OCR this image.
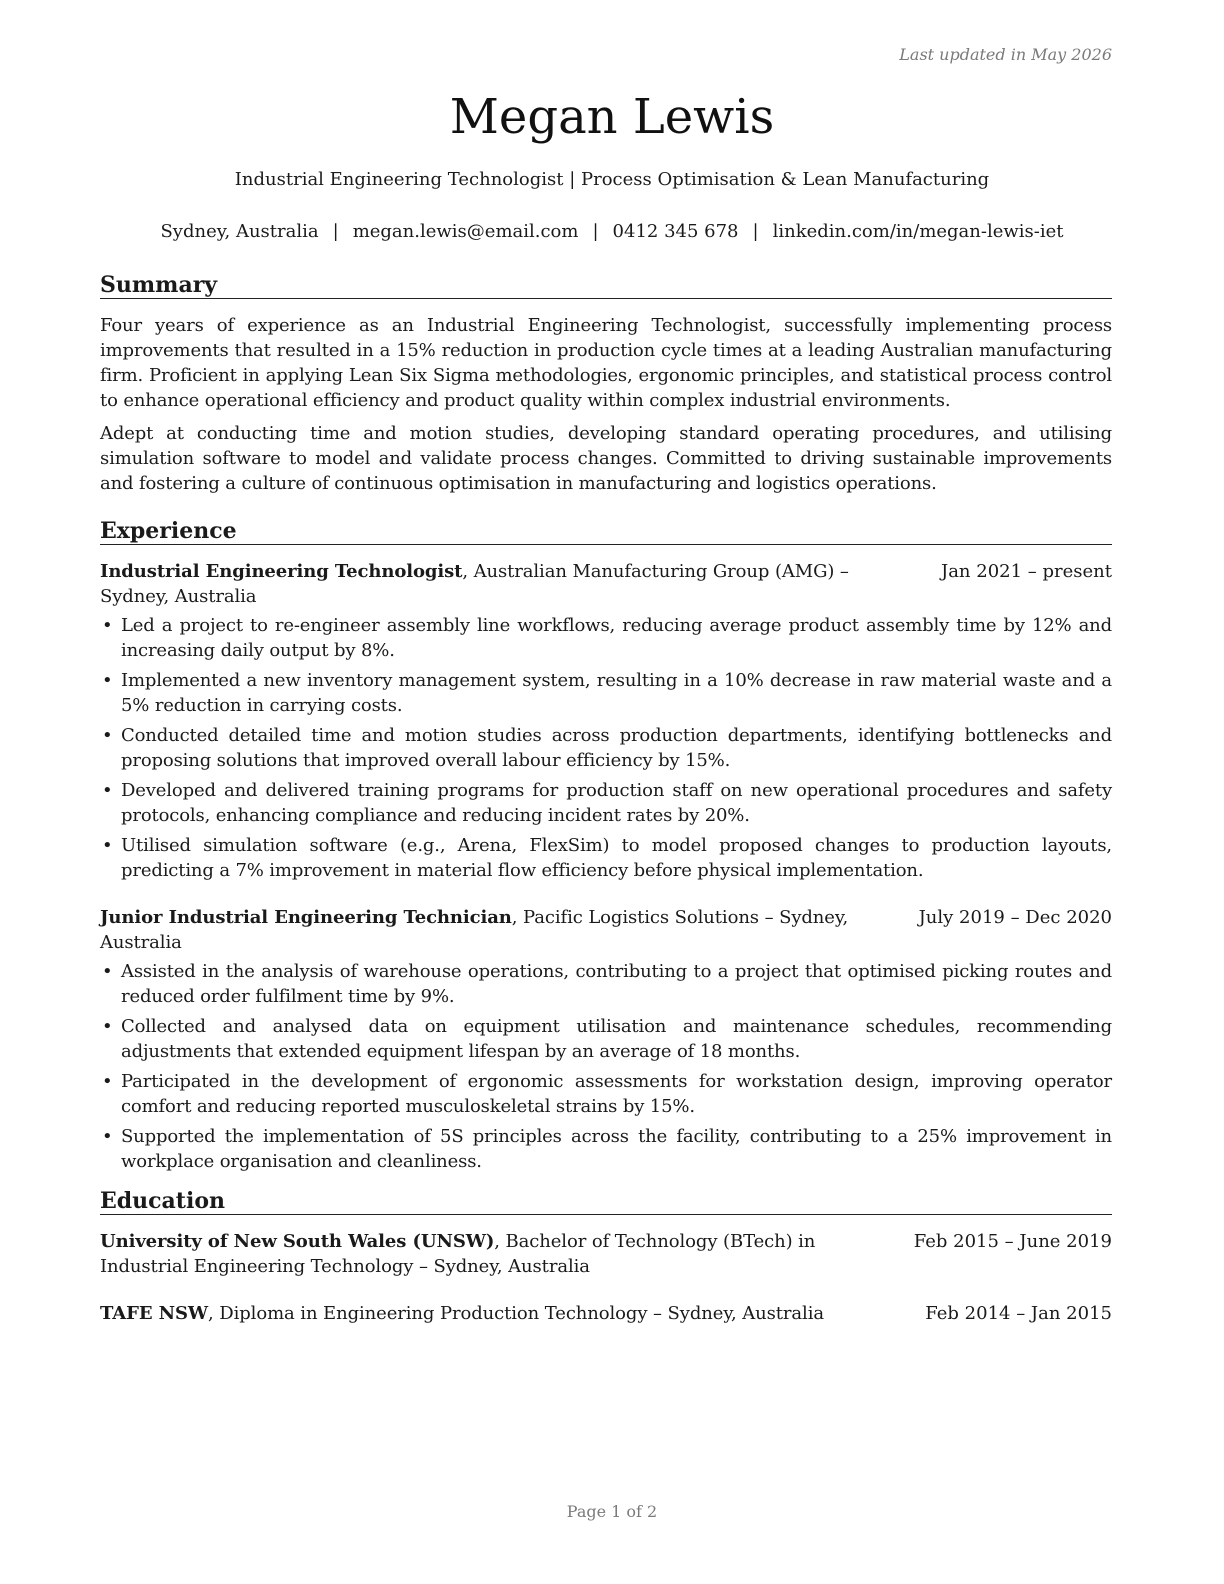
Last updated in May 2026
Megan Lewis
Industrial Engineering Technologist | Process Optimisation & Lean Manufacturing
Sydney, Australia | megan.lewis@email.com | 0412 345 678 | linkedin.com/in/megan-lewis-iet
Summary

Four years of experience as an Industrial Engineering Technologist, successfully implementing process improvements that resulted in a 15% reduction in production cycle times at a leading Australian manufacturing firm. Proficient in applying Lean Six Sigma methodologies, ergonomic principles, and statistical process control to enhance operational efficiency and product quality within complex industrial environments.

Adept at conducting time and motion studies, developing standard operating procedures, and utilising simulation software to model and validate process changes. Committed to driving sustainable improvements and fostering a culture of continuous optimisation in manufacturing and logistics operations.

Experience
Industrial Engineering Technologist, Australian Manufacturing Group (AMG) – Sydney, Australia
Jan 2021 – present
• Led a project to re-engineer assembly line workflows, reducing average product assembly time by 12% and increasing daily output by 8%.
• Implemented a new inventory management system, resulting in a 10% decrease in raw material waste and a 5% reduction in carrying costs.
• Conducted detailed time and motion studies across production departments, identifying bottlenecks and proposing solutions that improved overall labour efficiency by 15%.
• Developed and delivered training programs for production staff on new operational procedures and safety protocols, enhancing compliance and reducing incident rates by 20%.
• Utilised simulation software (e.g., Arena, FlexSim) to model proposed changes to production layouts, predicting a 7% improvement in material flow efficiency before physical implementation.
Junior Industrial Engineering Technician, Pacific Logistics Solutions – Sydney, Australia
July 2019 – Dec 2020
• Assisted in the analysis of warehouse operations, contributing to a project that optimised picking routes and reduced order fulfilment time by 9%.
• Collected and analysed data on equipment utilisation and maintenance schedules, recommending adjustments that extended equipment lifespan by an average of 18 months.
• Participated in the development of ergonomic assessments for workstation design, improving operator comfort and reducing reported musculoskeletal strains by 15%.
• Supported the implementation of 5S principles across the facility, contributing to a 25% improvement in workplace organisation and cleanliness.
Education
University of New South Wales (UNSW), Bachelor of Technology (BTech) in Industrial Engineering Technology – Sydney, Australia
Feb 2015 – June 2019
TAFE NSW, Diploma in Engineering Production Technology – Sydney, Australia	Feb 2014 – Jan 2015
Page 1 of 2
